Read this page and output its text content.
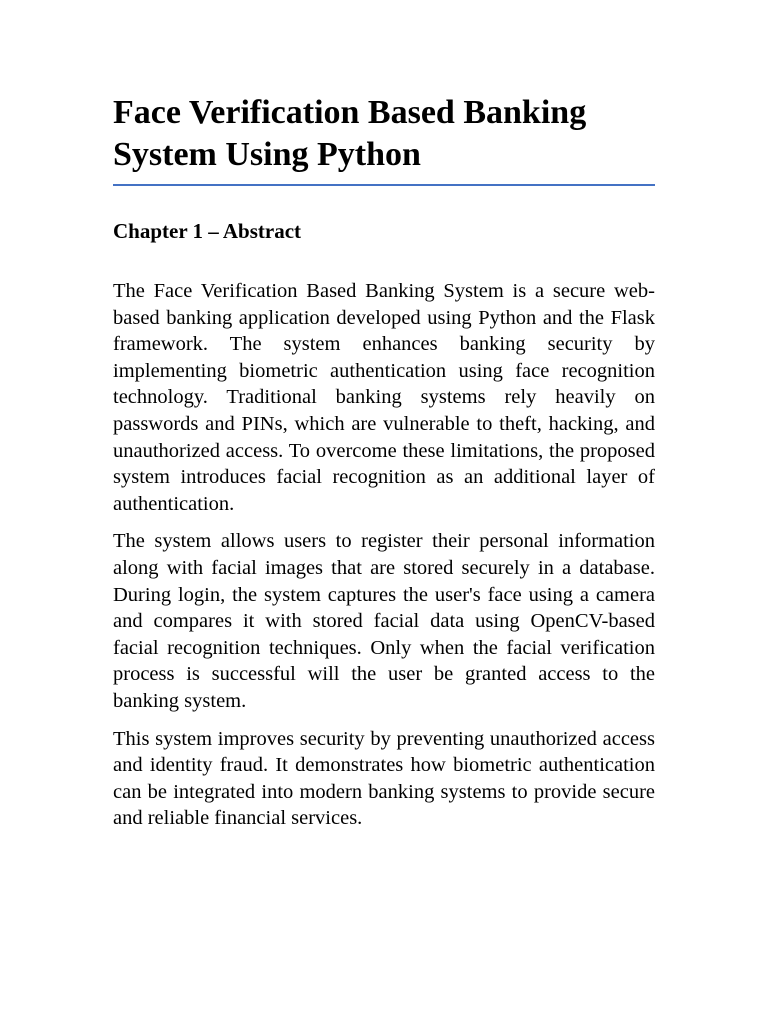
Face Verification Based Banking System Using Python
Chapter 1 – Abstract

The Face Verification Based Banking System is a secure web-based banking application developed using Python and the Flask framework. The system enhances banking security by implementing biometric authentication using face recognition technology. Traditional banking systems rely heavily on passwords and PINs, which are vulnerable to theft, hacking, and unauthorized access. To overcome these limitations, the proposed system introduces facial recognition as an additional layer of authentication.

The system allows users to register their personal information along with facial images that are stored securely in a database. During login, the system captures the user's face using a camera and compares it with stored facial data using OpenCV-based facial recognition techniques. Only when the facial verification process is successful will the user be granted access to the banking system.

This system improves security by preventing unauthorized access and identity fraud. It demonstrates how biometric authentication can be integrated into modern banking systems to provide secure and reliable financial services.
